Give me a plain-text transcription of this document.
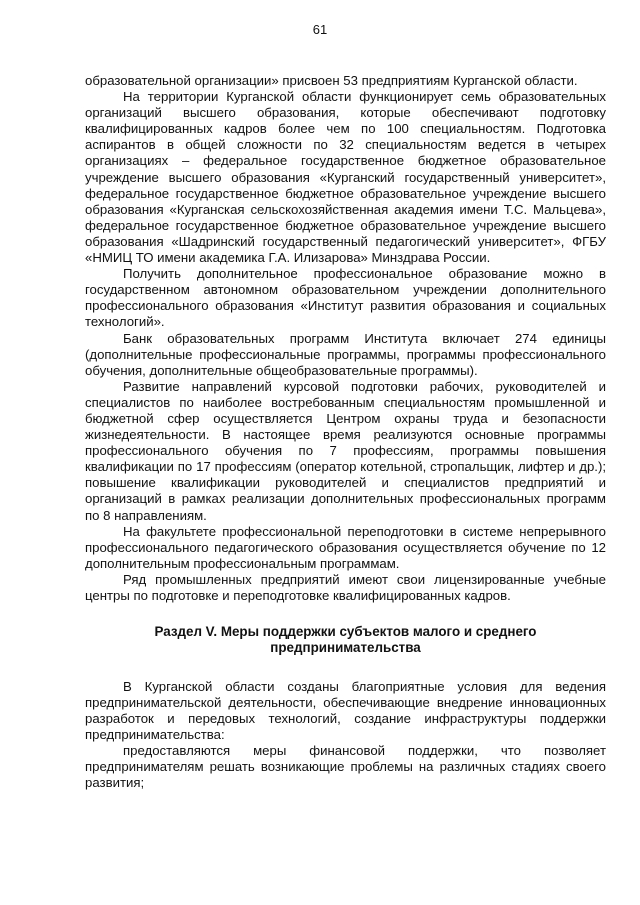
61

образовательной организации» присвоен 53 предприятиям Курганской области.

На территории Курганской области функционирует семь образовательных организаций высшего образования, которые обеспечивают подготовку квалифицированных кадров более чем по 100 специальностям. Подготовка аспирантов в общей сложности по 32 специальностям ведется в четырех организациях – федеральное государственное бюджетное образовательное учреждение высшего образования «Курганский государственный университет», федеральное государственное бюджетное образовательное учреждение высшего образования «Курганская сельскохозяйственная академия имени Т.С. Мальцева», федеральное государственное бюджетное образовательное учреждение высшего образования «Шадринский государственный педагогический университет», ФГБУ «НМИЦ ТО имени академика Г.А. Илизарова» Минздрава России.

Получить дополнительное профессиональное образование можно в государственном автономном образовательном учреждении дополнительного профессионального образования «Институт развития образования и социальных технологий».

Банк образовательных программ Института включает 274 единицы (дополнительные профессиональные программы, программы профессионального обучения, дополнительные общеобразовательные программы).

Развитие направлений курсовой подготовки рабочих, руководителей и специалистов по наиболее востребованным специальностям промышленной и бюджетной сфер осуществляется Центром охраны труда и безопасности жизнедеятельности. В настоящее время реализуются основные программы профессионального обучения по 7 профессиям, программы повышения квалификации по 17 профессиям (оператор котельной, стропальщик, лифтер и др.); повышение квалификации руководителей и специалистов предприятий и организаций в рамках реализации дополнительных профессиональных программ по 8 направлениям.

На факультете профессиональной переподготовки в системе непрерывного профессионального педагогического образования осуществляется обучение по 12 дополнительным профессиональным программам.

Ряд промышленных предприятий имеют свои лицензированные учебные центры по подготовке и переподготовке квалифицированных кадров.

Раздел V. Меры поддержки субъектов малого и среднего
предпринимательства

В Курганской области созданы благоприятные условия для ведения предпринимательской деятельности, обеспечивающие внедрение инновационных разработок и передовых технологий, создание инфраструктуры поддержки предпринимательства:

предоставляются меры финансовой поддержки, что позволяет предпринимателям решать возникающие проблемы на различных стадиях своего развития;
